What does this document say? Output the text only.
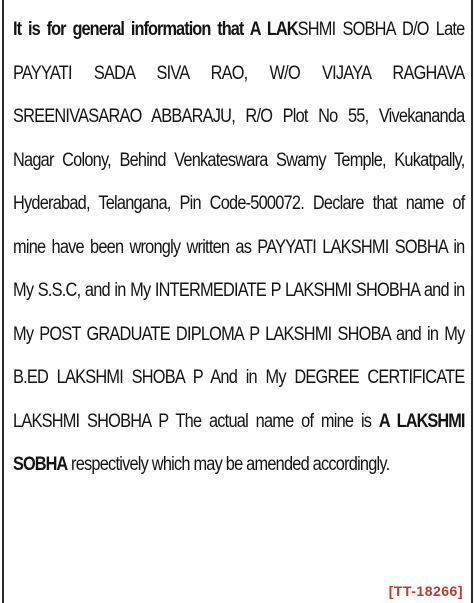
It is for general information that A LAKSHMI SOBHA D/O Late PAYYATI SADA SIVA RAO, W/O VIJAYA RAGHAVA SREENIVASARAO ABBARAJU, R/O Plot No 55, Vivekananda Nagar Colony, Behind Venkateswara Swamy Temple, Kukatpally, Hyderabad, Telangana, Pin Code-500072. Declare that name of mine have been wrongly written as PAYYATI LAKSHMI SOBHA in My S.S.C, and in My INTERMEDIATE P LAKSHMI SHOBHA and in My POST GRADUATE DIPLOMA P LAKSHMI SHOBA and in My B.ED LAKSHMI SHOBA P And in My DEGREE CERTIFICATE LAKSHMI SHOBHA P The actual name of mine is A LAKSHMI SOBHA respectively which may be amended accordingly.

[TT-18266]
